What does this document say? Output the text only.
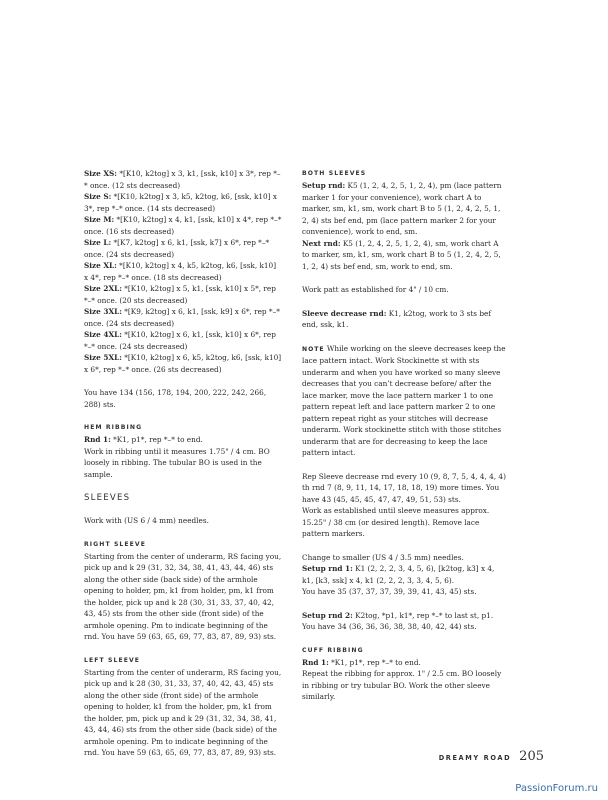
Size XS: *[K10, k2tog] x 3, k1, [ssk, k10] x 3*, rep *–* once. (12 sts decreased)

Size S: *[K10, k2tog] x 3, k5, k2tog, k6, [ssk, k10] x 3*, rep *–* once. (14 sts decreased)

Size M: *[K10, k2tog] x 4, k1, [ssk, k10] x 4*, rep *–* once. (16 sts decreased)

Size L: *[K7, k2tog] x 6, k1, [ssk, k7] x 6*, rep *–* once. (24 sts decreased)

Size XL: *[K10, k2tog] x 4, k5, k2tog, k6, [ssk, k10] x 4*, rep *–* once. (18 sts decreased)

Size 2XL: *[K10, k2tog] x 5, k1, [ssk, k10] x 5*, rep *–* once. (20 sts decreased)

Size 3XL: *[K9, k2tog] x 6, k1, [ssk, k9] x 6*, rep *–* once. (24 sts decreased)

Size 4XL: *[K10, k2tog] x 6, k1, [ssk, k10] x 6*, rep *–* once. (24 sts decreased)

Size 5XL: *[K10, k2tog] x 6, k5, k2tog, k6, [ssk, k10] x 6*, rep *–* once. (26 sts decreased)

You have 134 (156, 178, 194, 200, 222, 242, 266, 288) sts.

HEM RIBBING

Rnd 1: *K1, p1*, rep *–* to end.

Work in ribbing until it measures 1.75" / 4 cm. BO loosely in ribbing. The tubular BO is used in the sample.

SLEEVES

Work with (US 6 / 4 mm) needles.

RIGHT SLEEVE

Starting from the center of underarm, RS facing you, pick up and k 29 (31, 32, 34, 38, 41, 43, 44, 46) sts along the other side (back side) of the armhole opening to holder, pm, k1 from holder, pm, k1 from the holder, pick up and k 28 (30, 31, 33, 37, 40, 42, 43, 45) sts from the other side (front side) of the armhole opening. Pm to indicate beginning of the rnd. You have 59 (63, 65, 69, 77, 83, 87, 89, 93) sts.

LEFT SLEEVE

Starting from the center of underarm, RS facing you, pick up and k 28 (30, 31, 33, 37, 40, 42, 43, 45) sts along the other side (front side) of the armhole opening to holder, k1 from the holder, pm, k1 from the holder, pm, pick up and k 29 (31, 32, 34, 38, 41, 43, 44, 46) sts from the other side (back side) of the armhole opening. Pm to indicate beginning of the rnd. You have 59 (63, 65, 69, 77, 83, 87, 89, 93) sts.

BOTH SLEEVES

Setup rnd: K5 (1, 2, 4, 2, 5, 1, 2, 4), pm (lace pattern marker 1 for your convenience), work chart A to marker, sm, k1, sm, work chart B to 5 (1, 2, 4, 2, 5, 1, 2, 4) sts bef end, pm (lace pattern marker 2 for your convenience), work to end, sm.

Next rnd: K5 (1, 2, 4, 2, 5, 1, 2, 4), sm, work chart A to marker, sm, k1, sm, work chart B to 5 (1, 2, 4, 2, 5, 1, 2, 4) sts bef end, sm, work to end, sm.

Work patt as established for 4" / 10 cm.

Sleeve decrease rnd: K1, k2tog, work to 3 sts bef end, ssk, k1.

NOTE While working on the sleeve decreases keep the lace pattern intact. Work Stockinette st with sts underarm and when you have worked so many sleeve decreases that you can’t decrease before/ after the lace marker, move the lace pattern marker 1 to one pattern repeat left and lace pattern marker 2 to one pattern repeat right as your stitches will decrease underarm. Work stockinette stitch with those stitches underarm that are for decreasing to keep the lace pattern intact.

Rep Sleeve decrease rnd every 10 (9, 8, 7, 5, 4, 4, 4, 4) th rnd 7 (8, 9, 11, 14, 17, 18, 18, 19) more times. You have 43 (45, 45, 45, 47, 47, 49, 51, 53) sts.

Work as established until sleeve measures approx. 15.25" / 38 cm (or desired length). Remove lace pattern markers.

Change to smaller (US 4 / 3.5 mm) needles.

Setup rnd 1: K1 (2, 2, 2, 3, 4, 5, 6), [k2tog, k3] x 4, k1, [k3, ssk] x 4, k1 (2, 2, 2, 3, 3, 4, 5, 6).

You have 35 (37, 37, 37, 39, 39, 41, 43, 45) sts.

Setup rnd 2: K2tog, *p1, k1*, rep *–* to last st, p1. You have 34 (36, 36, 36, 38, 38, 40, 42, 44) sts.

CUFF RIBBING

Rnd 1: *K1, p1*, rep *–* to end.

Repeat the ribbing for approx. 1" / 2.5 cm. BO loosely in ribbing or try tubular BO. Work the other sleeve similarly.

DREAMY ROAD 205
PassionForum.ru
